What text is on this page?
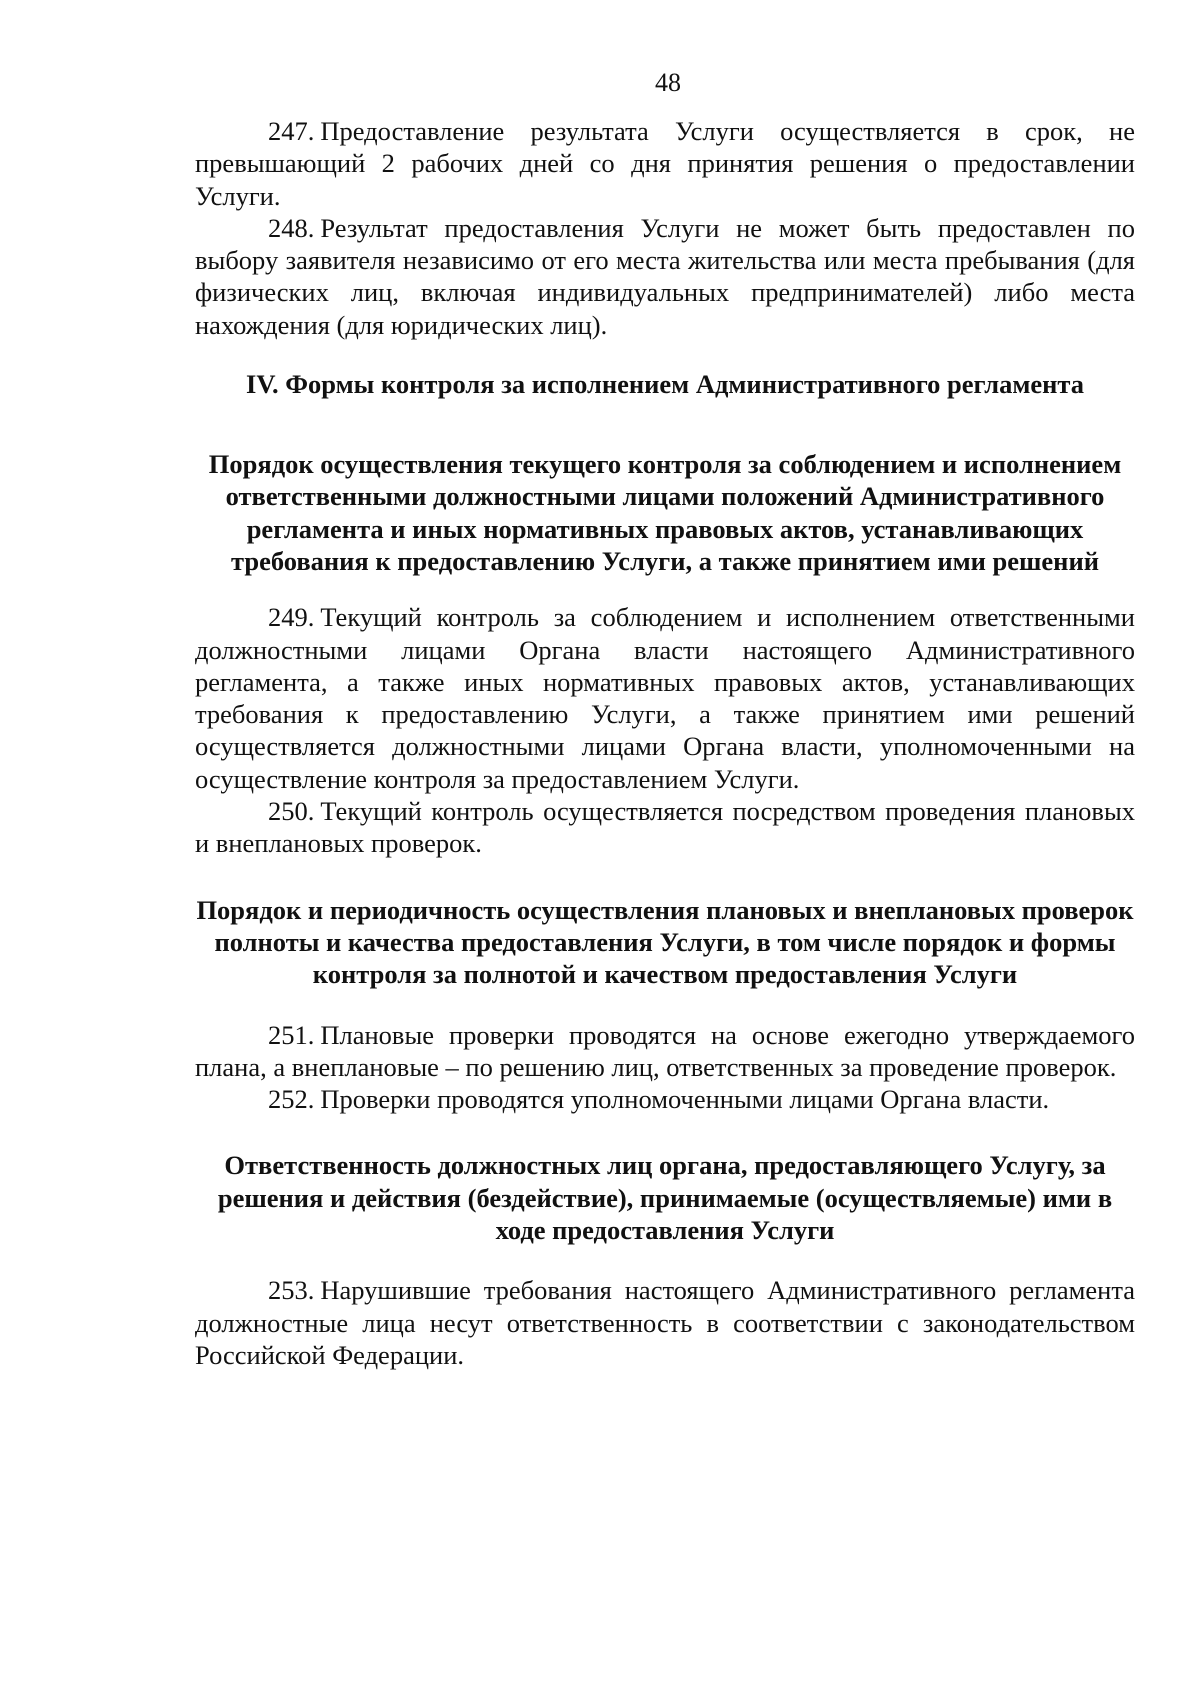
48

247. Предоставление результата Услуги осуществляется в срок, не превышающий 2 рабочих дней со дня принятия решения о предоставлении Услуги.

248. Результат предоставления Услуги не может быть предоставлен по выбору заявителя независимо от его места жительства или места пребывания (для физических лиц, включая индивидуальных предпринимателей) либо места нахождения (для юридических лиц).

IV. Формы контроля за исполнением Административного регламента
Порядок осуществления текущего контроля за соблюдением и исполнением ответственными должностными лицами положений Административного регламента и иных нормативных правовых актов, устанавливающих требования к предоставлению Услуги, а также принятием ими решений

249. Текущий контроль за соблюдением и исполнением ответственными должностными лицами Органа власти настоящего Административного регламента, а также иных нормативных правовых актов, устанавливающих требования к предоставлению Услуги, а также принятием ими решений осуществляется должностными лицами Органа власти, уполномоченными на осуществление контроля за предоставлением Услуги.

250. Текущий контроль осуществляется посредством проведения плановых и внеплановых проверок.

Порядок и периодичность осуществления плановых и внеплановых проверок полноты и качества предоставления Услуги, в том числе порядок и формы контроля за полнотой и качеством предоставления Услуги

251. Плановые проверки проводятся на основе ежегодно утверждаемого плана, а внеплановые – по решению лиц, ответственных за проведение проверок.

252. Проверки проводятся уполномоченными лицами Органа власти.

Ответственность должностных лиц органа, предоставляющего Услугу, за решения и действия (бездействие), принимаемые (осуществляемые) ими в ходе предоставления Услуги

253. Нарушившие требования настоящего Административного регламента должностные лица несут ответственность в соответствии с законодательством Российской Федерации.
